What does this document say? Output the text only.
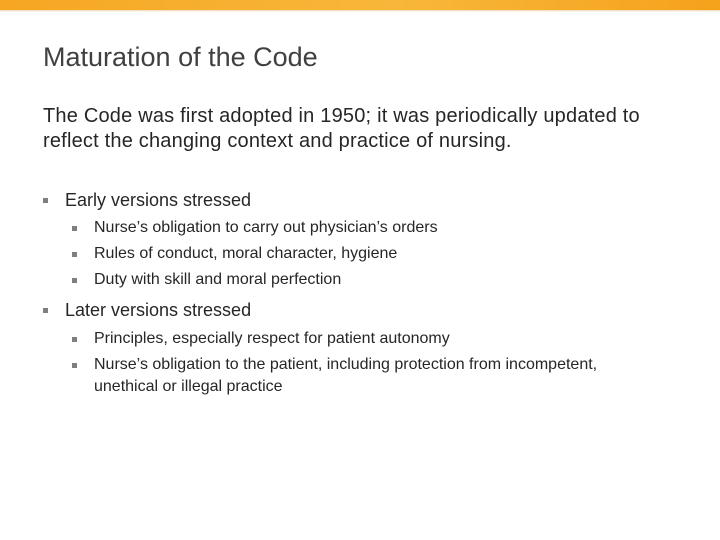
Maturation of the Code
The Code was first adopted in 1950; it was periodically updated to reflect the changing context and practice of nursing.
Early versions stressed
Nurse’s obligation to carry out physician’s orders
Rules of conduct, moral character, hygiene
Duty with skill and moral perfection
Later versions stressed
Principles, especially respect for patient autonomy
Nurse’s obligation to the patient, including protection from incompetent, unethical or illegal practice
